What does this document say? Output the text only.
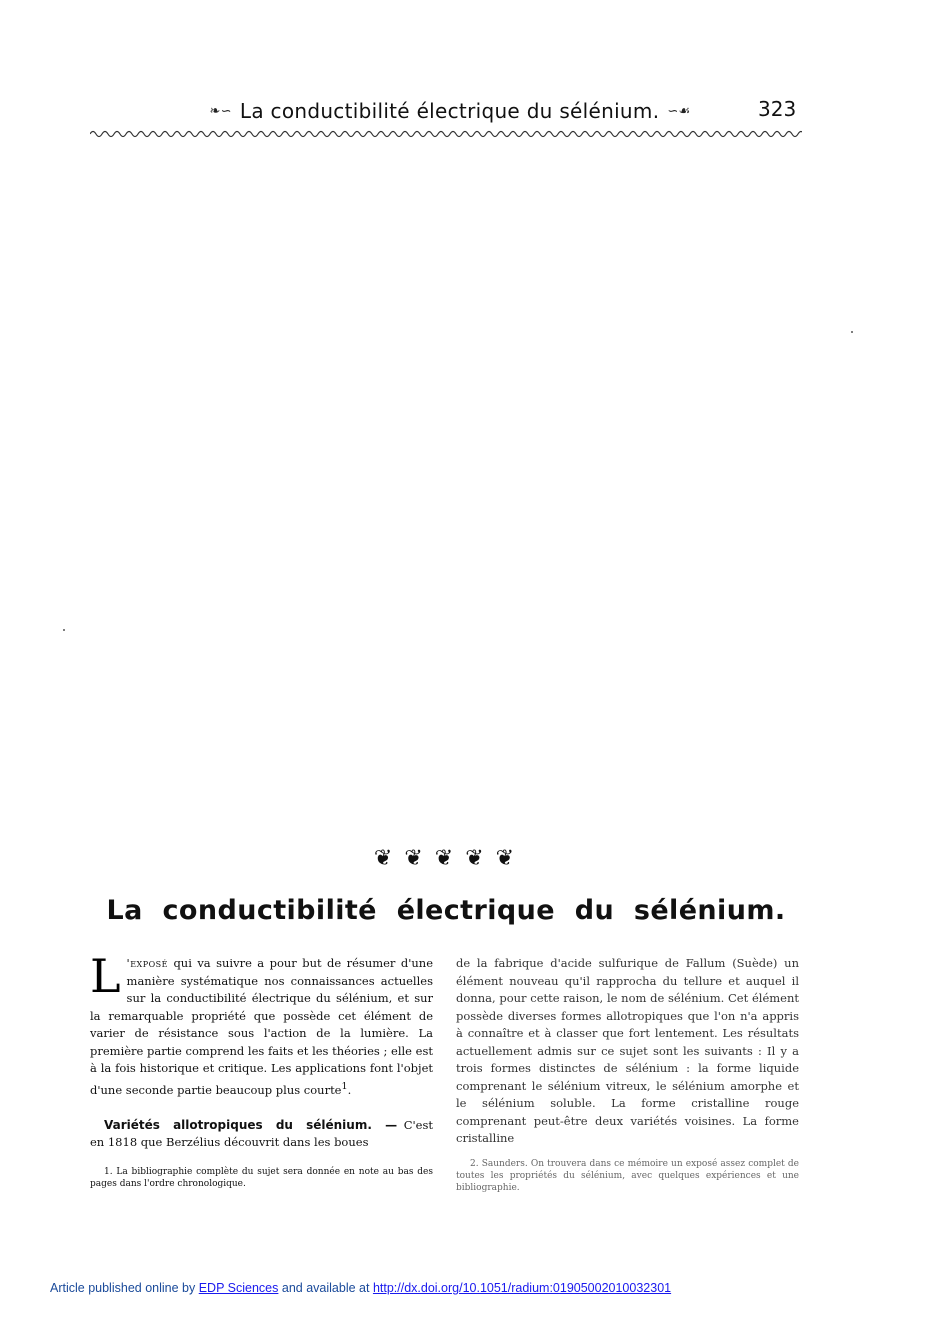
❧∽ La conductibilité électrique du sélénium. ∽☙	323
❦❦❦❦❦
La conductibilité électrique du sélénium.

L 'exposé qui va suivre a pour but de résumer d'une manière systématique nos connaissances actuelles sur la conductibilité électrique du sélénium, et sur la remarquable propriété que possède cet élément de varier de résistance sous l'action de la lumière. La première partie comprend les faits et les théories ; elle est à la fois historique et critique. Les applications font l'objet d'une seconde partie beaucoup plus courte$^1$.

Variétés allotropiques du sélénium. — C'est en 1818 que Berzélius découvrit dans les boues

1. La bibliographie complète du sujet sera donnée en note au bas des pages dans l'ordre chronologique.

de la fabrique d'acide sulfurique de Fallum (Suède) un élément nouveau qu'il rapprocha du tellure et auquel il donna, pour cette raison, le nom de sélénium. Cet élément possède diverses formes allotropiques que l'on n'a appris à connaître et à classer que fort lentement. Les résultats actuellement admis sur ce sujet sont les suivants : Il y a trois formes distinctes de sélénium : la forme liquide comprenant le sélénium vitreux, le sélénium amorphe et le sélénium soluble. La forme cristalline rouge comprenant peut-être deux variétés voisines. La forme cristalline

2. Saunders. On trouvera dans ce mémoire un exposé assez complet de toutes les propriétés du sélénium, avec quelques expériences et une bibliographie.

Article published online by EDP Sciences and available at http://dx.doi.org/10.1051/radium:01905002010032301
